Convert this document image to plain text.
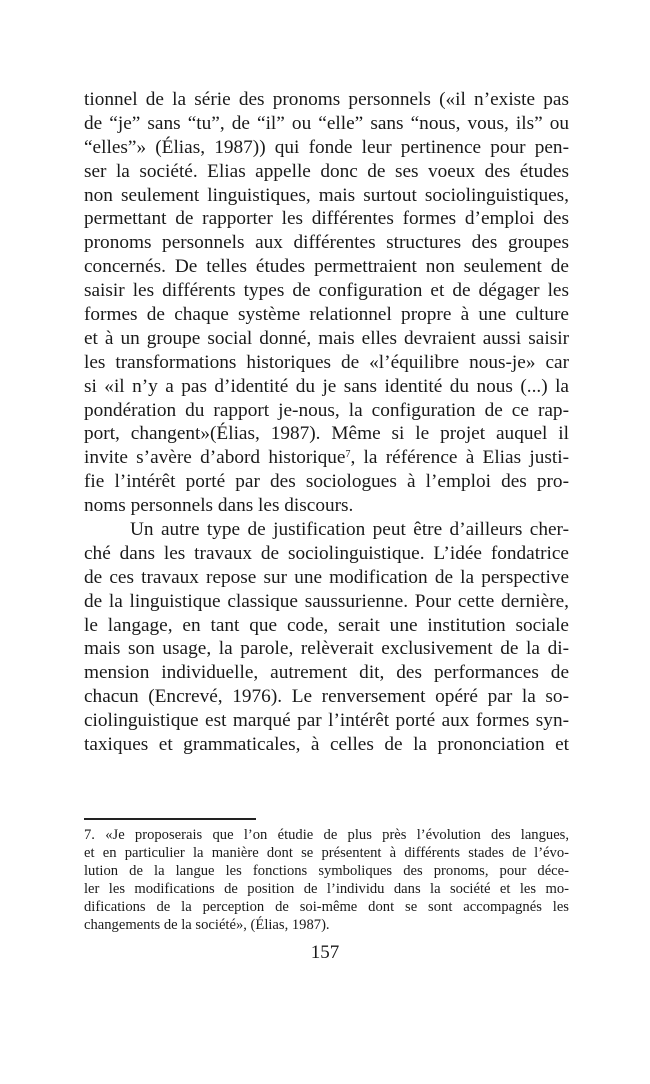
tionnel de la série des pronoms personnels («il n’existe pas
de “je” sans “tu”, de “il” ou “elle” sans “nous, vous, ils” ou
“elles”» (Élias, 1987)) qui fonde leur pertinence pour pen-
ser la société. Elias appelle donc de ses voeux des études
non seulement linguistiques, mais surtout sociolinguistiques,
permettant de rapporter les différentes formes d’emploi des
pronoms personnels aux différentes structures des groupes
concernés. De telles études permettraient non seulement de
saisir les différents types de configuration et de dégager les
formes de chaque système relationnel propre à une culture
et à un groupe social donné, mais elles devraient aussi saisir
les transformations historiques de «l’équilibre nous-je» car
si «il n’y a pas d’identité du je sans identité du nous (...) la
pondération du rapport je-nous, la configuration de ce rap-
port, changent»(Élias, 1987). Même si le projet auquel il
invite s’avère d’abord historique$^7$, la référence à Elias justi-
fie l’intérêt porté par des sociologues à l’emploi des pro-
noms personnels dans les discours.
Un autre type de justification peut être d’ailleurs cher-
ché dans les travaux de sociolinguistique. L’idée fondatrice
de ces travaux repose sur une modification de la perspective
de la linguistique classique saussurienne. Pour cette dernière,
le langage, en tant que code, serait une institution sociale
mais son usage, la parole, relèverait exclusivement de la di-
mension individuelle, autrement dit, des performances de
chacun (Encrevé, 1976). Le renversement opéré par la so-
ciolinguistique est marqué par l’intérêt porté aux formes syn-
taxiques et grammaticales, à celles de la prononciation et
7. «Je proposerais que l’on étudie de plus près l’évolution des langues,
et en particulier la manière dont se présentent à différents stades de l’évo-
lution de la langue les fonctions symboliques des pronoms, pour déce-
ler les modifications de position de l’individu dans la société et les mo-
difications de la perception de soi-même dont se sont accompagnés les
changements de la société», (Élias, 1987).
157
